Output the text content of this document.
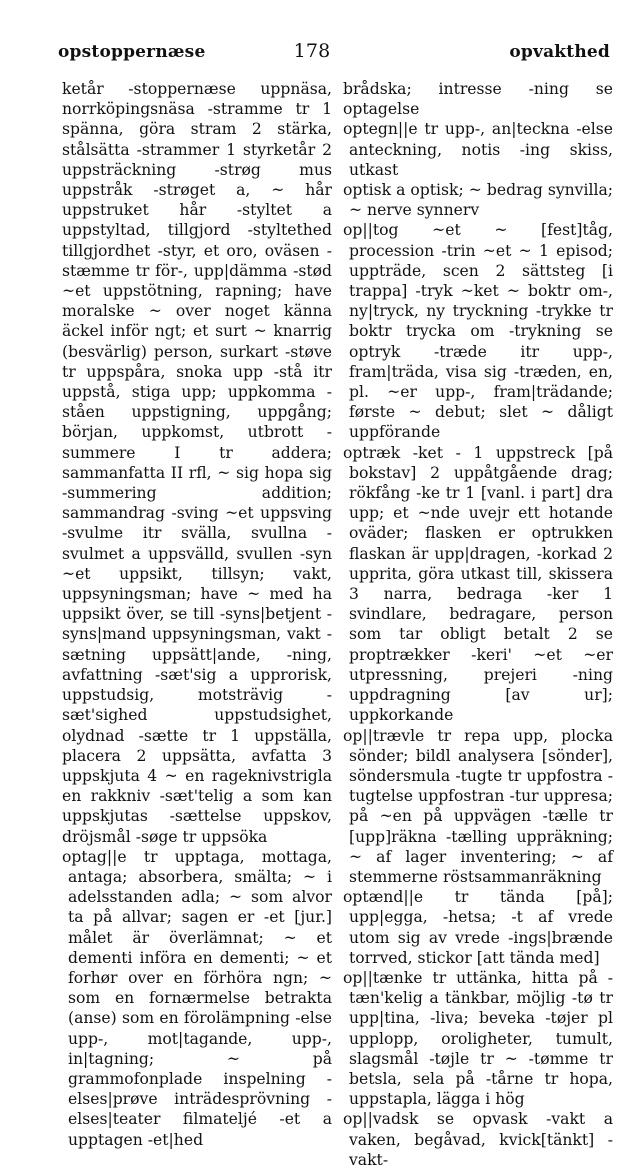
opstoppernæse	178	opvakthed

ketår -stoppernæse uppnäsa, norrköpingsnäsa -stramme tr 1 spänna, göra stram 2 stärka, stålsätta -strammer 1 styrketår 2 uppsträckning -strøg mus uppstråk -strøget a, ~ hår uppstruket hår -styltet a uppstyltad, tillgjord -styltethed tillgjordhet -styr, et oro, oväsen -stæmme tr för-, upp|dämma -stød ~et uppstötning, rapning; have moralske ~ over noget känna äckel inför ngt; et surt ~ knarrig (besvärlig) person, surkart -støve tr uppspåra, snoka upp -stå itr uppstå, stiga upp; uppkomma -ståen uppstigning, uppgång; början, uppkomst, utbrott -summere I tr addera; sammanfatta II rfl, ~ sig hopa sig -summering addition; sammandrag -sving ~et uppsving -svulme itr svälla, svullna -svulmet a uppsvälld, svullen -syn ~et uppsikt, tillsyn; vakt, uppsyningsman; have ~ med ha uppsikt över, se till -syns|betjent -syns|mand uppsyningsman, vakt -sætning uppsätt|ande, -ning, avfattning -sæt'sig a upprorisk, uppstudsig, motsträvig -sæt'sighed uppstudsighet, olydnad -sætte tr 1 uppställa, placera 2 uppsätta, avfatta 3 uppskjuta 4 ~ en rageknivstrigla en rakkniv -sæt'telig a som kan uppskjutas -sættelse uppskov, dröjsmål -søge tr uppsöka

optag||e tr upptaga, mottaga, antaga; absorbera, smälta; ~ i adelsstanden adla; ~ som alvor ta på allvar; sagen er -et [jur.] målet är överlämnat; ~ et dementi införa en dementi; ~ et forhør over en förhöra ngn; ~ som en fornærmelse betrakta (anse) som en förolämpning -else upp-, mot|tagande, upp-, in|tagning; ~ på grammofonplade inspelning -elses|prøve inträdesprövning -elses|teater filmateljé -et a upptagen -et|hed

brådska; intresse -ning se optagelse

optegn||e tr upp-, an|teckna -else anteckning, notis -ing skiss, utkast

optisk a optisk; ~ bedrag synvilla; ~ nerve synnerv

op||tog ~et ~ [fest]tåg, procession -trin ~et ~ 1 episod; uppträde, scen 2 sättsteg [i trappa] -tryk ~ket ~ boktr om-, ny|tryck, ny tryckning -trykke tr boktr trycka om -trykning se optryk -træde itr upp-, fram|träda, visa sig -træden, en, pl. ~er upp-, fram|trädande; første ~ debut; slet ~ dåligt uppförande

optræk -ket - 1 uppstreck [på bokstav] 2 uppåtgående drag; rökfång -ke tr 1 [vanl. i part] dra upp; et ~nde uvejr ett hotande oväder; flasken er optrukken flaskan är upp|dragen, -korkad 2 upprita, göra utkast till, skissera 3 narra, bedraga -ker 1 svindlare, bedragare, person som tar obligt betalt 2 se proptrækker -keri' ~et ~er utpressning, prejeri -ning uppdragning [av ur]; uppkorkande

op||trævle tr repa upp, plocka sönder; bildl analysera [sönder], söndersmula -tugte tr uppfostra -tugtelse uppfostran -tur uppresa; på ~en på uppvägen -tælle tr [upp]räkna -tælling uppräkning; ~ af lager inventering; ~ af stemmerne röstsammanräkning

optænd||e tr tända [på]; upp|egga, -hetsa; -t af vrede utom sig av vrede -ings|brænde torrved, stickor [att tända med]

op||tænke tr uttänka, hitta på -tæn'kelig a tänkbar, möjlig -tø tr upp|tina, -liva; beveka -tøjer pl upplopp, oroligheter, tumult, slagsmål -tøjle tr ~ -tømme tr betsla, sela på -tårne tr hopa, uppstapla, lägga i hög

op||vadsk se opvask -vakt a vaken, begåvad, kvick[tänkt] -vakt-
